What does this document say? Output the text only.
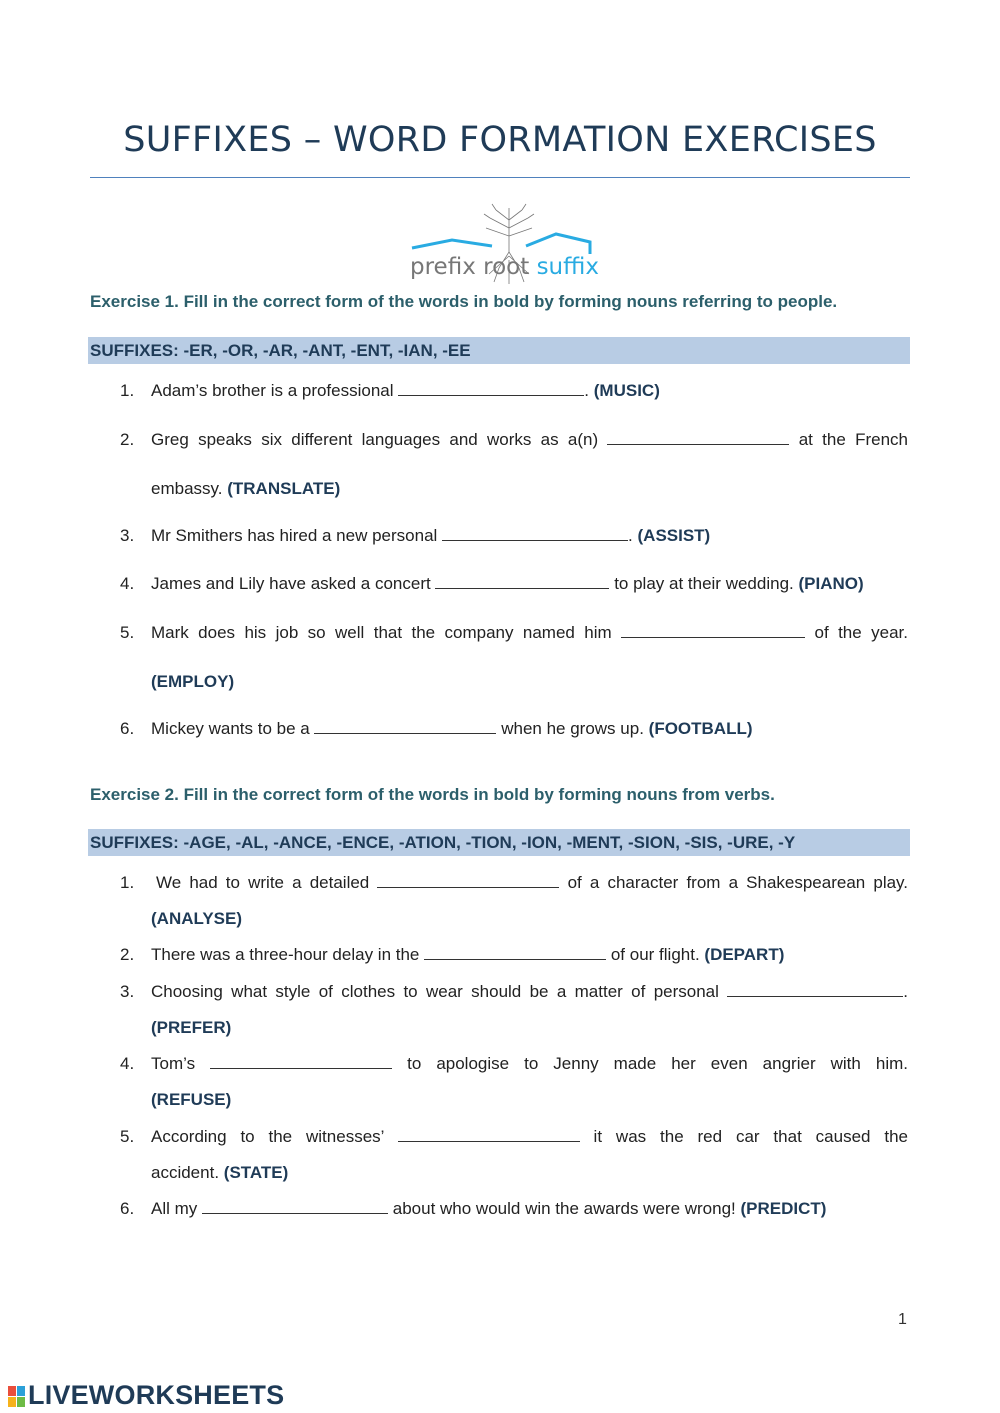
SUFFIXES – WORD FORMATION EXERCISES
prefix root suffix
Exercise 1. Fill in the correct form of the words in bold by forming nouns referring to people.
SUFFIXES: -ER, -OR, -AR, -ANT, -ENT, -IAN, -EE
1. Adam’s brother is a professional	. (MUSIC)
2. Greg speaks six different languages and works as a(n)	at the French
embassy. (TRANSLATE)
3. Mr Smithers has hired a new personal	. (ASSIST)
4. James and Lily have asked a concert	to play at their wedding. (PIANO)
5. Mark does his job so well that the company named him	of the year.
(EMPLOY)
6. Mickey wants to be a	when he grows up. (FOOTBALL)
Exercise 2. Fill in the correct form of the words in bold by forming nouns from verbs.
SUFFIXES: -AGE, -AL, -ANCE, -ENCE, -ATION, -TION, -ION, -MENT, -SION, -SIS, -URE, -Y
1. We had to write a detailed	of a character from a Shakespearean play.
(ANALYSE)
2. There was a three-hour delay in the	of our flight. (DEPART)
3. Choosing what style of clothes to wear should be a matter of personal	.
(PREFER)
4. Tom’s	to apologise to Jenny made her even angrier with him.
(REFUSE)
5. According to the witnesses’	it was the red car that caused the
accident. (STATE)
6. All my	about who would win the awards were wrong! (PREDICT)
1
LIVEWORKSHEETS
